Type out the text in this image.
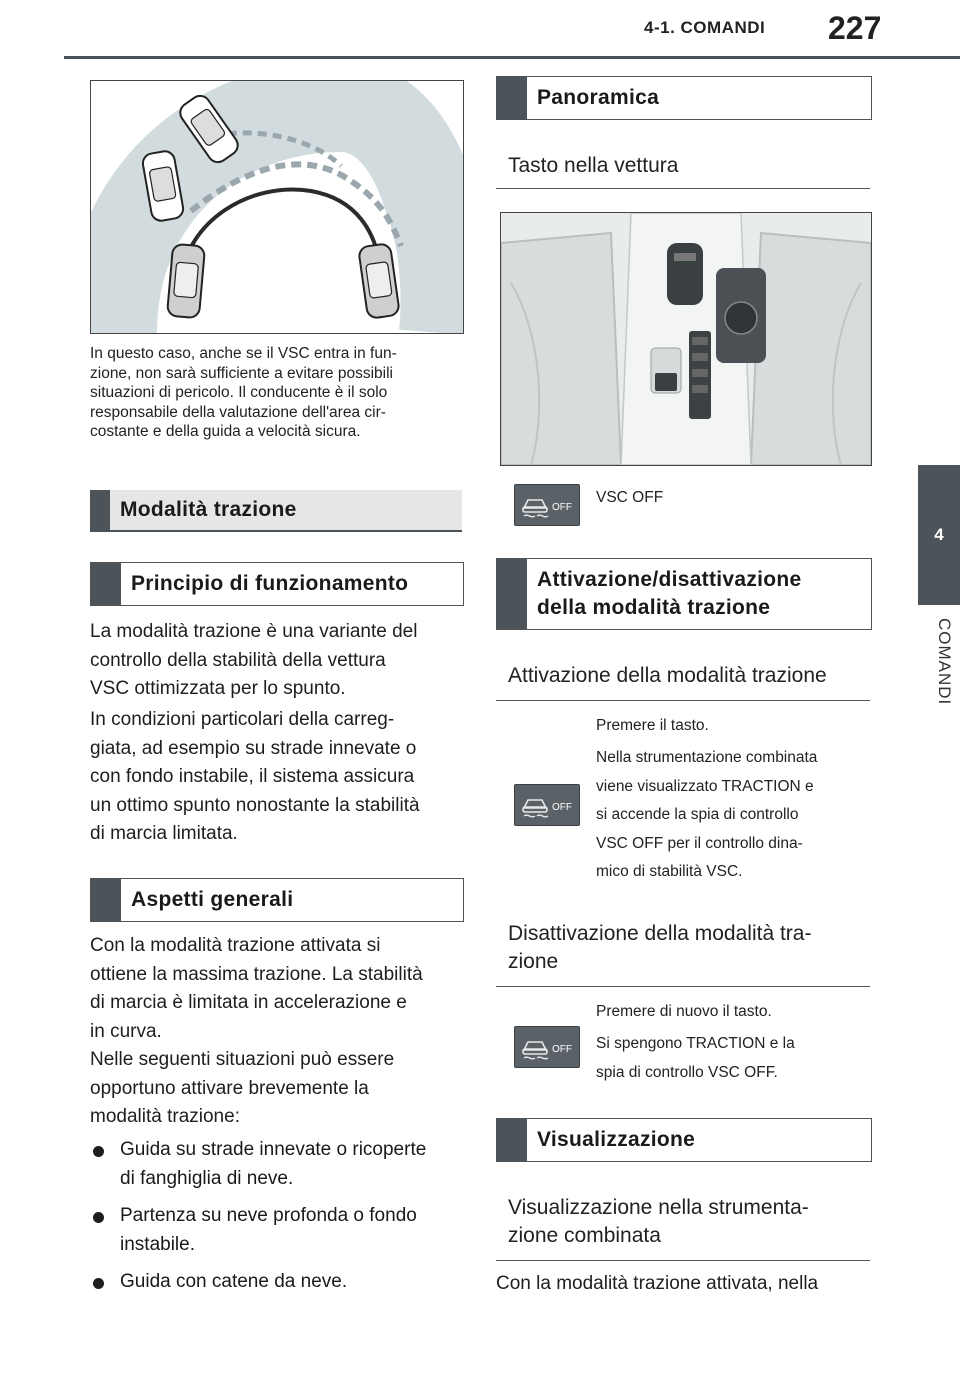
4-1. COMANDI 227
4
COMANDI
In questo caso, anche se il VSC entra in fun-
zione, non sarà sufficiente a evitare possibili
situazioni di pericolo. Il conducente è il solo
responsabile della valutazione dell'area cir-
costante e della guida a velocità sicura.
Modalità trazione
Principio di funzionamento
La modalità trazione è una variante del
controllo della stabilità della vettura
VSC ottimizzata per lo spunto.
In condizioni particolari della carreg-
giata, ad esempio su strade innevate o
con fondo instabile, il sistema assicura
un ottimo spunto nonostante la stabilità
di marcia limitata.
Aspetti generali
Con la modalità trazione attivata si
ottiene la massima trazione. La stabilità
di marcia è limitata in accelerazione e
in curva.
Nelle seguenti situazioni può essere
opportuno attivare brevemente la
modalità trazione:
Guida su strade innevate o ricoperte
di fanghiglia di neve.
Partenza su neve profonda o fondo
instabile.
Guida con catene da neve.
Panoramica
Tasto nella vettura
OFF
VSC OFF
Attivazione/disattivazione
della modalità trazione
Attivazione della modalità trazione
Premere il tasto.
Nella strumentazione combinata
viene visualizzato TRACTION e
si accende la spia di controllo
VSC OFF per il controllo dina-
mico di stabilità VSC.
OFF
Disattivazione della modalità tra-
zione
Premere di nuovo il tasto.
Si spengono TRACTION e la
spia di controllo VSC OFF.
OFF
Visualizzazione
Visualizzazione nella strumenta-
zione combinata
Con la modalità trazione attivata, nella
